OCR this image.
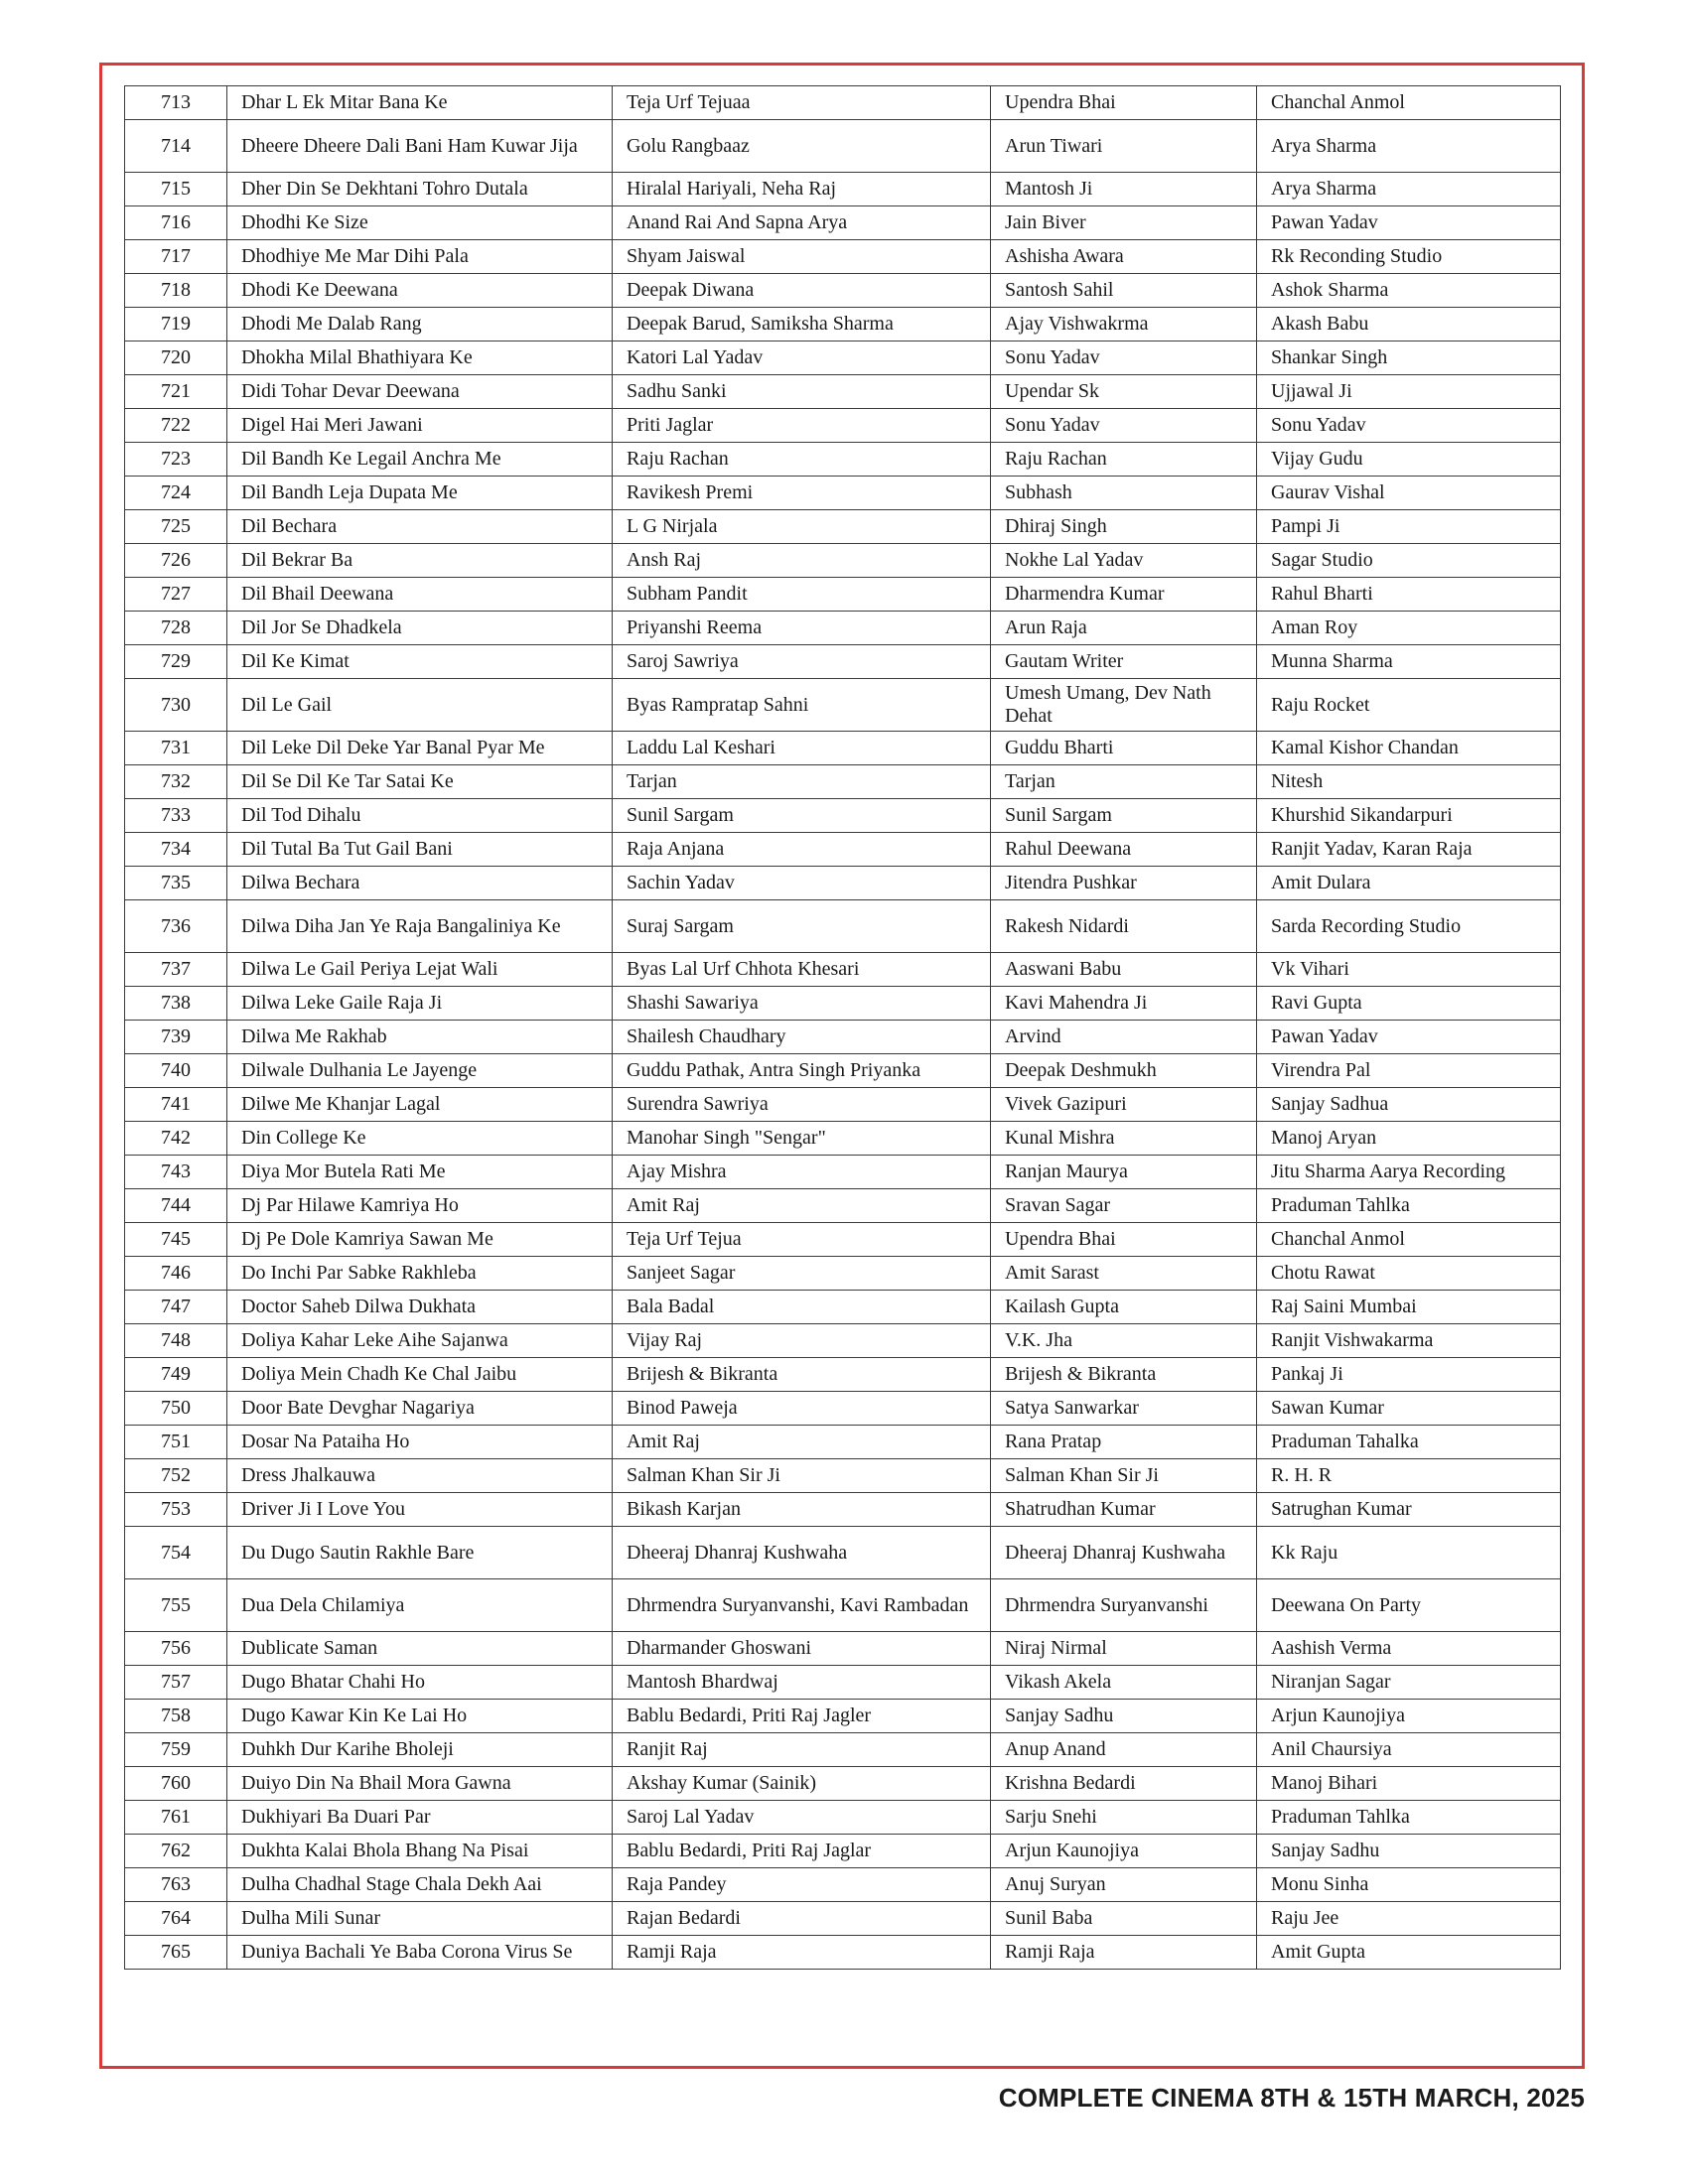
713	Dhar L Ek Mitar Bana Ke	Teja Urf Tejuaa	Upendra Bhai	Chanchal Anmol
714	Dheere Dheere Dali Bani Ham Kuwar Jija	Golu Rangbaaz	Arun Tiwari	Arya Sharma
715	Dher Din Se Dekhtani Tohro Dutala	Hiralal Hariyali, Neha Raj	Mantosh Ji	Arya Sharma
716	Dhodhi Ke Size	Anand Rai And Sapna Arya	Jain Biver	Pawan Yadav
717	Dhodhiye Me Mar Dihi Pala	Shyam Jaiswal	Ashisha Awara	Rk Reconding Studio
718	Dhodi Ke Deewana	Deepak Diwana	Santosh Sahil	Ashok Sharma
719	Dhodi Me Dalab Rang	Deepak Barud, Samiksha Sharma	Ajay Vishwakrma	Akash Babu
720	Dhokha Milal Bhathiyara Ke	Katori Lal Yadav	Sonu Yadav	Shankar Singh
721	Didi Tohar Devar Deewana	Sadhu Sanki	Upendar Sk	Ujjawal Ji
722	Digel Hai Meri Jawani	Priti Jaglar	Sonu Yadav	Sonu Yadav
723	Dil Bandh Ke Legail Anchra Me	Raju Rachan	Raju Rachan	Vijay Gudu
724	Dil Bandh Leja Dupata Me	Ravikesh Premi	Subhash	Gaurav Vishal
725	Dil Bechara	L G Nirjala	Dhiraj Singh	Pampi Ji
726	Dil Bekrar Ba	Ansh Raj	Nokhe Lal Yadav	Sagar Studio
727	Dil Bhail Deewana	Subham Pandit	Dharmendra Kumar	Rahul Bharti
728	Dil Jor Se Dhadkela	Priyanshi Reema	Arun Raja	Aman Roy
729	Dil Ke Kimat	Saroj Sawriya	Gautam Writer	Munna Sharma
730	Dil Le Gail	Byas Rampratap Sahni	Umesh Umang, Dev Nath Dehat	Raju Rocket
731	Dil Leke Dil Deke Yar Banal Pyar Me	Laddu Lal Keshari	Guddu Bharti	Kamal Kishor Chandan
732	Dil Se Dil Ke Tar Satai Ke	Tarjan	Tarjan	Nitesh
733	Dil Tod Dihalu	Sunil Sargam	Sunil Sargam	Khurshid Sikandarpuri
734	Dil Tutal Ba Tut Gail Bani	Raja Anjana	Rahul Deewana	Ranjit Yadav, Karan Raja
735	Dilwa Bechara	Sachin Yadav	Jitendra Pushkar	Amit Dulara
736	Dilwa Diha Jan Ye Raja Bangaliniya Ke	Suraj Sargam	Rakesh Nidardi	Sarda Recording Studio
737	Dilwa Le Gail Periya Lejat Wali	Byas Lal Urf Chhota Khesari	Aaswani Babu	Vk Vihari
738	Dilwa Leke Gaile Raja Ji	Shashi Sawariya	Kavi Mahendra Ji	Ravi Gupta
739	Dilwa Me Rakhab	Shailesh Chaudhary	Arvind	Pawan Yadav
740	Dilwale Dulhania Le Jayenge	Guddu Pathak, Antra Singh Priyanka	Deepak Deshmukh	Virendra Pal
741	Dilwe Me Khanjar Lagal	Surendra Sawriya	Vivek Gazipuri	Sanjay Sadhua
742	Din College Ke	Manohar Singh "Sengar"	Kunal Mishra	Manoj Aryan
743	Diya Mor Butela Rati Me	Ajay Mishra	Ranjan Maurya	Jitu Sharma Aarya Recording
744	Dj Par Hilawe Kamriya Ho	Amit Raj	Sravan Sagar	Praduman Tahlka
745	Dj Pe Dole Kamriya Sawan Me	Teja Urf Tejua	Upendra Bhai	Chanchal Anmol
746	Do Inchi Par Sabke Rakhleba	Sanjeet Sagar	Amit Sarast	Chotu Rawat
747	Doctor Saheb Dilwa Dukhata	Bala Badal	Kailash Gupta	Raj Saini Mumbai
748	Doliya Kahar Leke Aihe Sajanwa	Vijay Raj	V.K. Jha	Ranjit Vishwakarma
749	Doliya Mein Chadh Ke Chal Jaibu	Brijesh & Bikranta	Brijesh & Bikranta	Pankaj Ji
750	Door Bate Devghar Nagariya	Binod Paweja	Satya Sanwarkar	Sawan Kumar
751	Dosar Na Pataiha Ho	Amit Raj	Rana Pratap	Praduman Tahalka
752	Dress Jhalkauwa	Salman Khan Sir Ji	Salman Khan Sir Ji	R. H. R
753	Driver Ji I Love You	Bikash Karjan	Shatrudhan Kumar	Satrughan Kumar
754	Du Dugo Sautin Rakhle Bare	Dheeraj Dhanraj Kushwaha	Dheeraj Dhanraj Kushwaha	Kk Raju
755	Dua Dela Chilamiya	Dhrmendra Suryanvanshi, Kavi Rambadan	Dhrmendra Suryanvanshi	Deewana On Party
756	Dublicate Saman	Dharmander Ghoswani	Niraj Nirmal	Aashish Verma
757	Dugo Bhatar Chahi Ho	Mantosh Bhardwaj	Vikash Akela	Niranjan Sagar
758	Dugo Kawar Kin Ke Lai Ho	Bablu Bedardi, Priti Raj Jagler	Sanjay Sadhu	Arjun Kaunojiya
759	Duhkh Dur Karihe Bholeji	Ranjit Raj	Anup Anand	Anil Chaursiya
760	Duiyo Din Na Bhail Mora Gawna	Akshay Kumar (Sainik)	Krishna Bedardi	Manoj Bihari
761	Dukhiyari Ba Duari Par	Saroj Lal Yadav	Sarju Snehi	Praduman Tahlka
762	Dukhta Kalai Bhola Bhang Na Pisai	Bablu Bedardi, Priti Raj Jaglar	Arjun Kaunojiya	Sanjay Sadhu
763	Dulha Chadhal Stage Chala Dekh Aai	Raja Pandey	Anuj Suryan	Monu Sinha
764	Dulha Mili Sunar	Rajan Bedardi	Sunil Baba	Raju Jee
765	Duniya Bachali Ye Baba Corona Virus Se	Ramji Raja	Ramji Raja	Amit Gupta
COMPLETE CINEMA 8TH & 15TH MARCH, 2025
